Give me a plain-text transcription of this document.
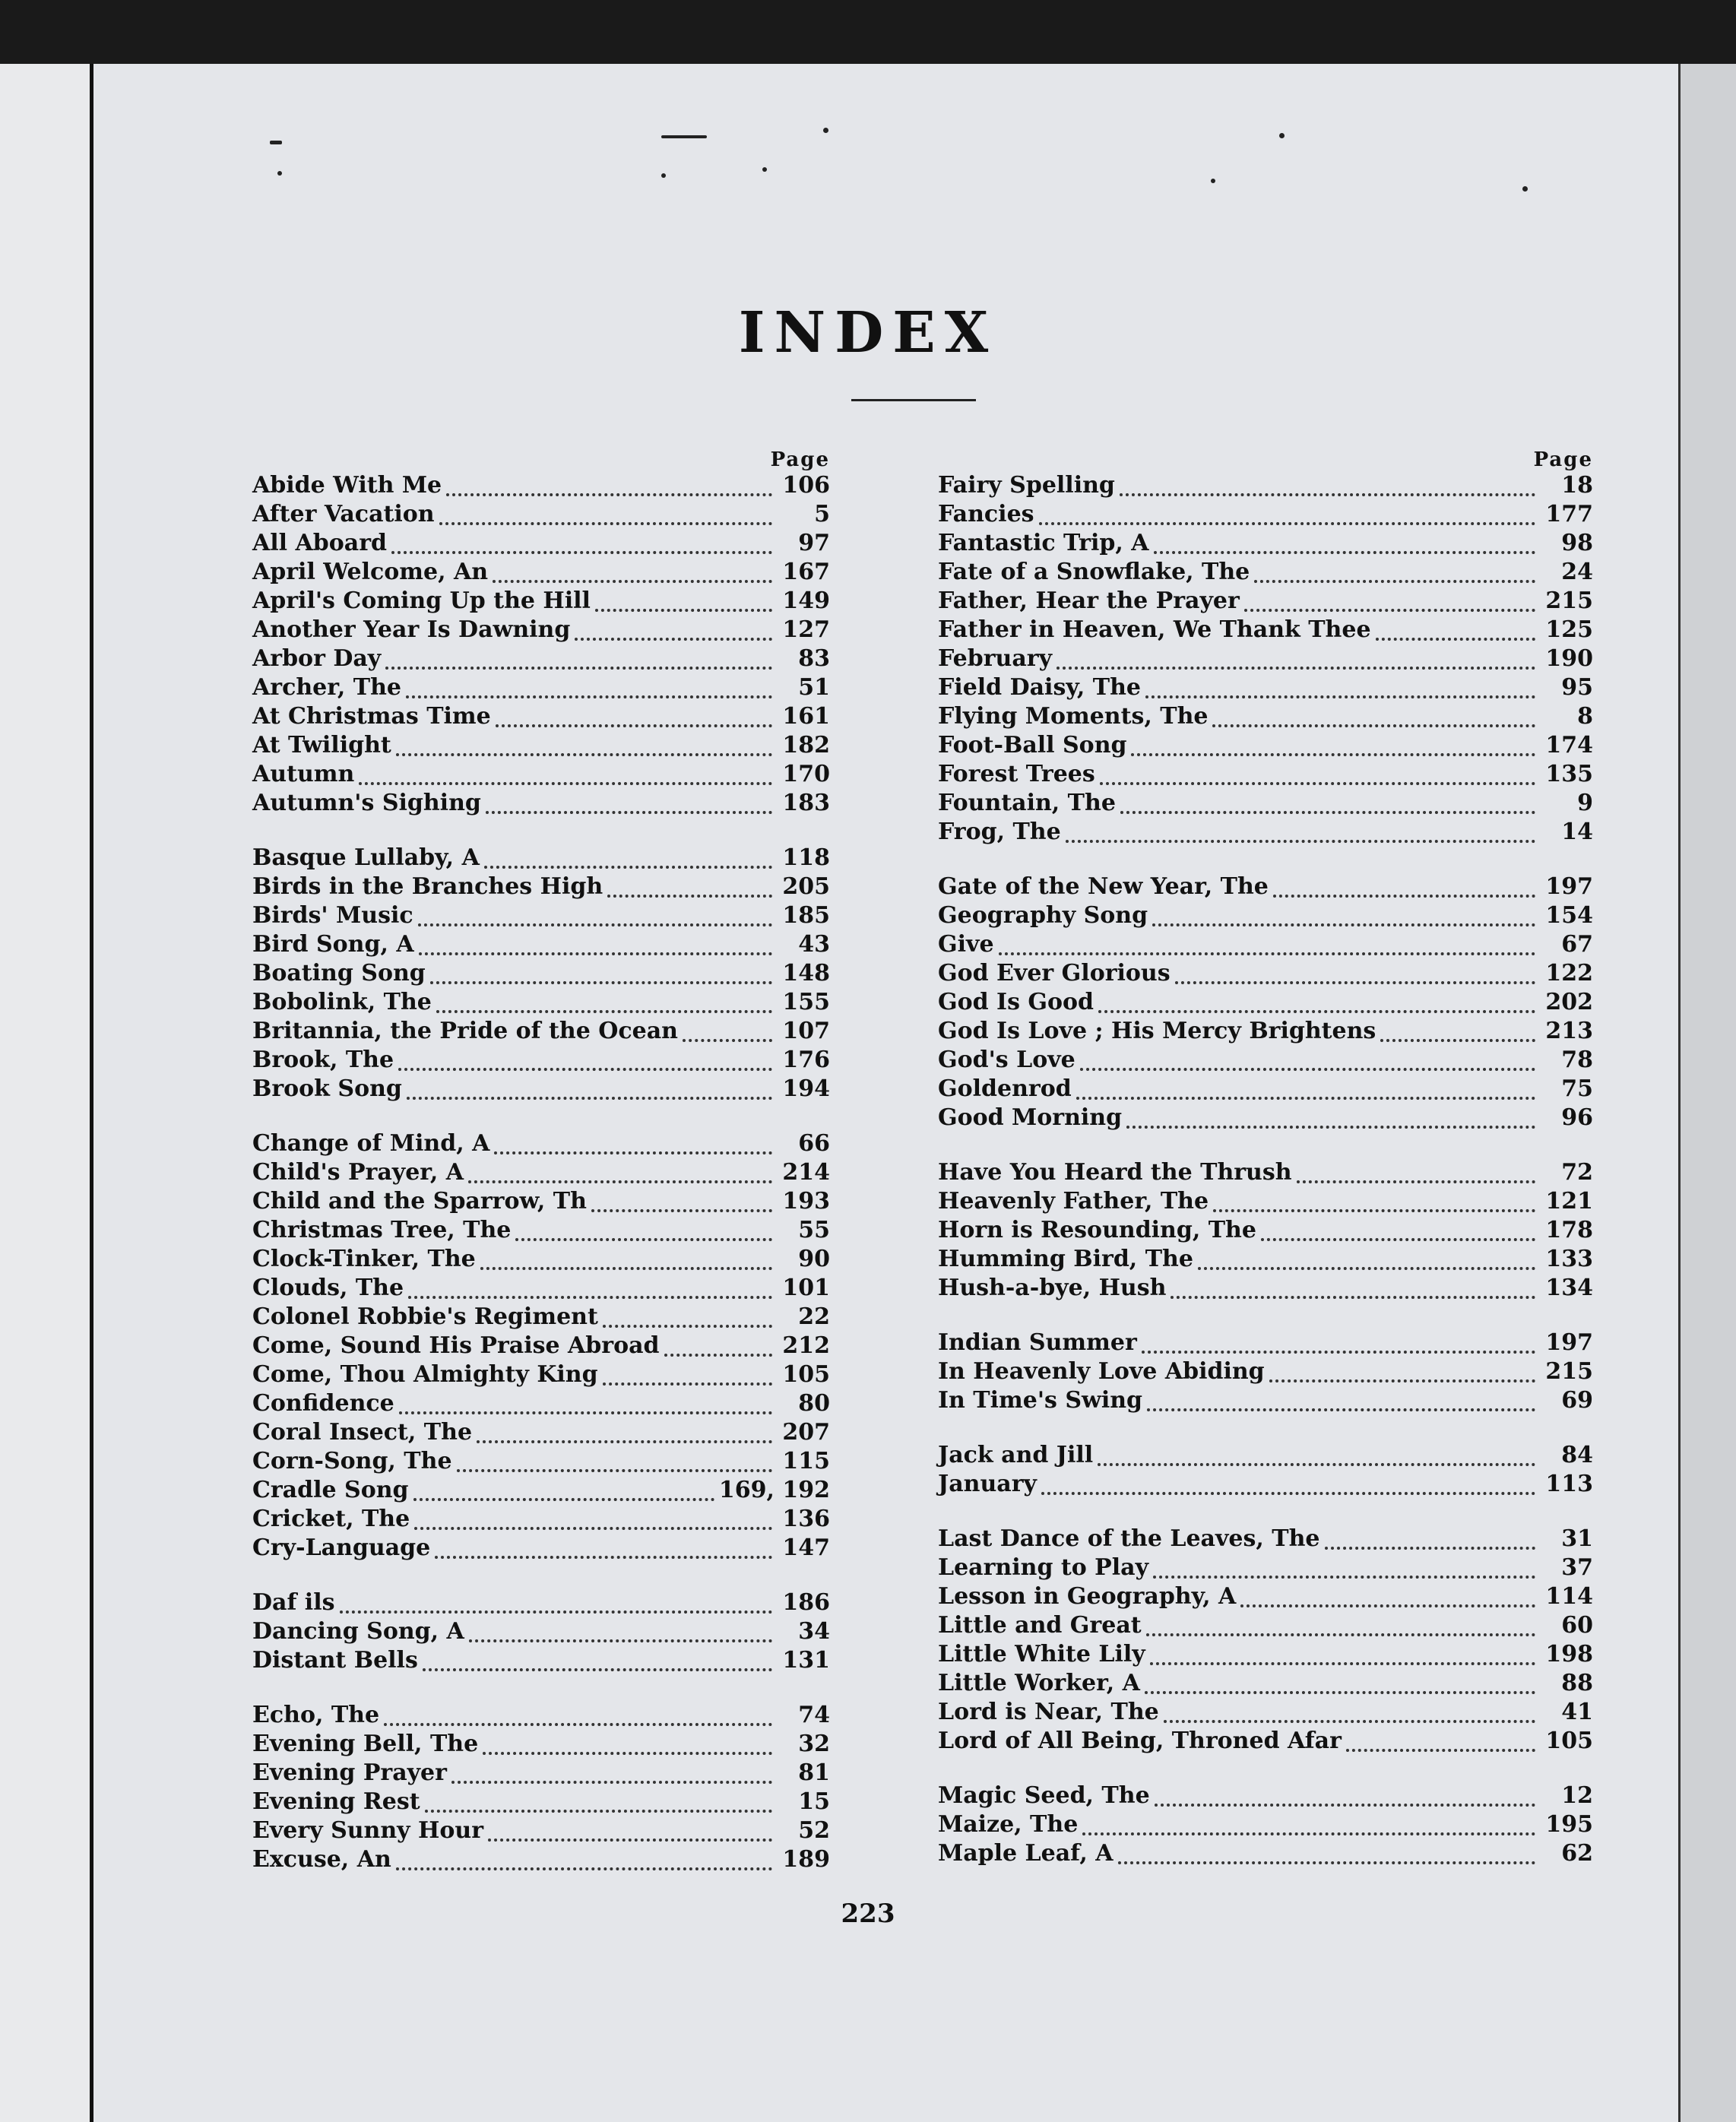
INDEX
Page
Abide With Me	106
After Vacation	5
All Aboard	97
April Welcome, An	167
April's Coming Up the Hill	149
Another Year Is Dawning	127
Arbor Day	83
Archer, The	51
At Christmas Time	161
At Twilight	182
Autumn	170
Autumn's Sighing	183
Basque Lullaby, A	118
Birds in the Branches High	205
Birds' Music	185
Bird Song, A	43
Boating Song	148
Bobolink, The	155
Britannia, the Pride of the Ocean	107
Brook, The	176
Brook Song	194
Change of Mind, A	66
Child's Prayer, A	214
Child and the Sparrow, Th	193
Christmas Tree, The	55
Clock-Tinker, The	90
Clouds, The	101
Colonel Robbie's Regiment	22
Come, Sound His Praise Abroad	212
Come, Thou Almighty King	105
Confidence	80
Coral Insect, The	207
Corn-Song, The	115
Cradle Song	169, 192
Cricket, The	136
Cry-Language	147
Daf ils	186
Dancing Song, A	34
Distant Bells	131
Echo, The	74
Evening Bell, The	32
Evening Prayer	81
Evening Rest	15
Every Sunny Hour	52
Excuse, An	189
Page
Fairy Spelling	18
Fancies	177
Fantastic Trip, A	98
Fate of a Snowflake, The	24
Father, Hear the Prayer	215
Father in Heaven, We Thank Thee	125
February	190
Field Daisy, The	95
Flying Moments, The	8
Foot-Ball Song	174
Forest Trees	135
Fountain, The	9
Frog, The	14
Gate of the New Year, The	197
Geography Song	154
Give	67
God Ever Glorious	122
God Is Good	202
God Is Love ; His Mercy Brightens	213
God's Love	78
Goldenrod	75
Good Morning	96
Have You Heard the Thrush	72
Heavenly Father, The	121
Horn is Resounding, The	178
Humming Bird, The	133
Hush-a-bye, Hush	134
Indian Summer	197
In Heavenly Love Abiding	215
In Time's Swing	69
Jack and Jill	84
January	113
Last Dance of the Leaves, The	31
Learning to Play	37
Lesson in Geography, A	114
Little and Great	60
Little White Lily	198
Little Worker, A	88
Lord is Near, The	41
Lord of All Being, Throned Afar	105
Magic Seed, The	12
Maize, The	195
Maple Leaf, A	62
223
